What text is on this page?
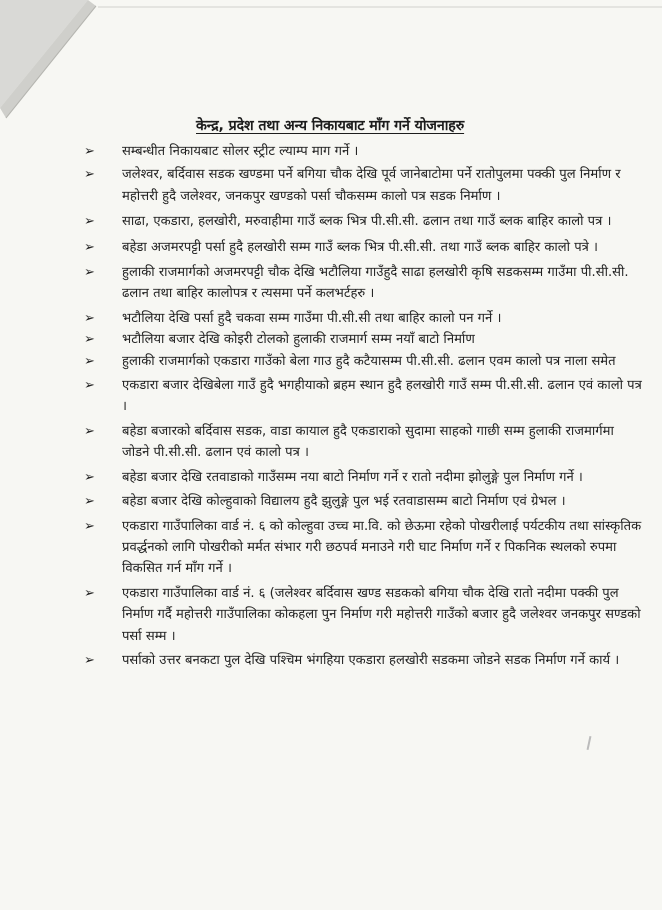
केन्द्र, प्रदेश तथा अन्य निकायबाट माँग गर्ने योजनाहरु
➢ सम्बन्धीत निकायबाट सोलर स्ट्रीट ल्याम्प माग गर्ने ।
➢ जलेश्वर, बर्दिवास सडक खण्डमा पर्ने बगिया चौक देखि पूर्व जानेबाटोमा पर्ने रातोपुलमा पक्की पुल निर्माण र महोत्तरी हुदै जलेश्वर, जनकपुर खण्डको पर्सा चौकसम्म कालो पत्र सडक निर्माण ।
➢ साढा, एकडारा, हलखोरी, मरुवाहीमा गाउँ ब्लक भित्र पी.सी.सी. ढलान तथा गाउँ ब्लक बाहिर कालो पत्र ।
➢ बहेडा अजमरपट्टी पर्सा हुदै हलखोरी सम्म गाउँ ब्लक भित्र पी.सी.सी. तथा गाउँ ब्लक बाहिर कालो पत्रे ।
➢ हुलाकी राजमार्गको अजमरपट्टी चौक देखि भटौलिया गाउँहुदै साढा हलखोरी कृषि सडकसम्म गाउँमा पी.सी.सी. ढलान तथा बाहिर कालोपत्र र त्यसमा पर्ने कलभर्टहरु ।
➢ भटौलिया देखि पर्सा हुदै चकवा सम्म गाउँमा पी.सी.सी तथा बाहिर कालो पन गर्ने ।
➢ भटौलिया बजार देखि कोइरी टोलको हुलाकी राजमार्ग सम्म नयाँ बाटो निर्माण
➢ हुलाकी राजमार्गको एकडारा गाउँको बेला गाउ हुदै कटैयासम्म पी.सी.सी. ढलान एवम कालो पत्र नाला समेत
➢ एकडारा बजार देखिबेला गाउँ हुदै भगहीयाको ब्रहम स्थान हुदै हलखोरी गाउँ सम्म पी.सी.सी. ढलान एवं कालो पत्र ।
➢ बहेडा बजारको बर्दिवास सडक, वाडा कायाल हुदै एकडाराको सुदामा साहको गाछी सम्म हुलाकी राजमार्गमा जोडने पी.सी.सी. ढलान एवं कालो पत्र ।
➢ बहेडा बजार देखि रतवाडाको गाउँसम्म नया बाटो निर्माण गर्ने र रातो नदीमा झोलुङ्गे पुल निर्माण गर्ने ।
➢ बहेडा बजार देखि कोल्हुवाको विद्यालय हुदै झुलुङ्गे पुल भई रतवाडासम्म बाटो निर्माण एवं ग्रेभल ।
➢ एकडारा गाउँपालिका वार्ड नं. ६ को कोल्हुवा उच्च मा.वि. को छेऊमा रहेको पोखरीलाई पर्यटकीय तथा सांस्कृतिक प्रवर्द्धनको लागि पोखरीको मर्मत संभार गरी छठपर्व मनाउने गरी घाट निर्माण गर्ने र पिकनिक स्थलको रुपमा विकसित गर्न माँग गर्ने ।
➢ एकडारा गाउँपालिका वार्ड नं. ६ (जलेश्वर बर्दिवास खण्ड सडकको बगिया चौक देखि रातो नदीमा पक्की पुल निर्माण गर्दै महोत्तरी गाउँपालिका कोकहला पुन निर्माण गरी महोत्तरी गाउँको बजार हुदै जलेश्वर जनकपुर सण्डको पर्सा सम्म ।
➢ पर्साको उत्तर बनकटा पुल देखि पश्चिम भंगहिया एकडारा हलखोरी सडकमा जोडने सडक निर्माण गर्ने कार्य ।
